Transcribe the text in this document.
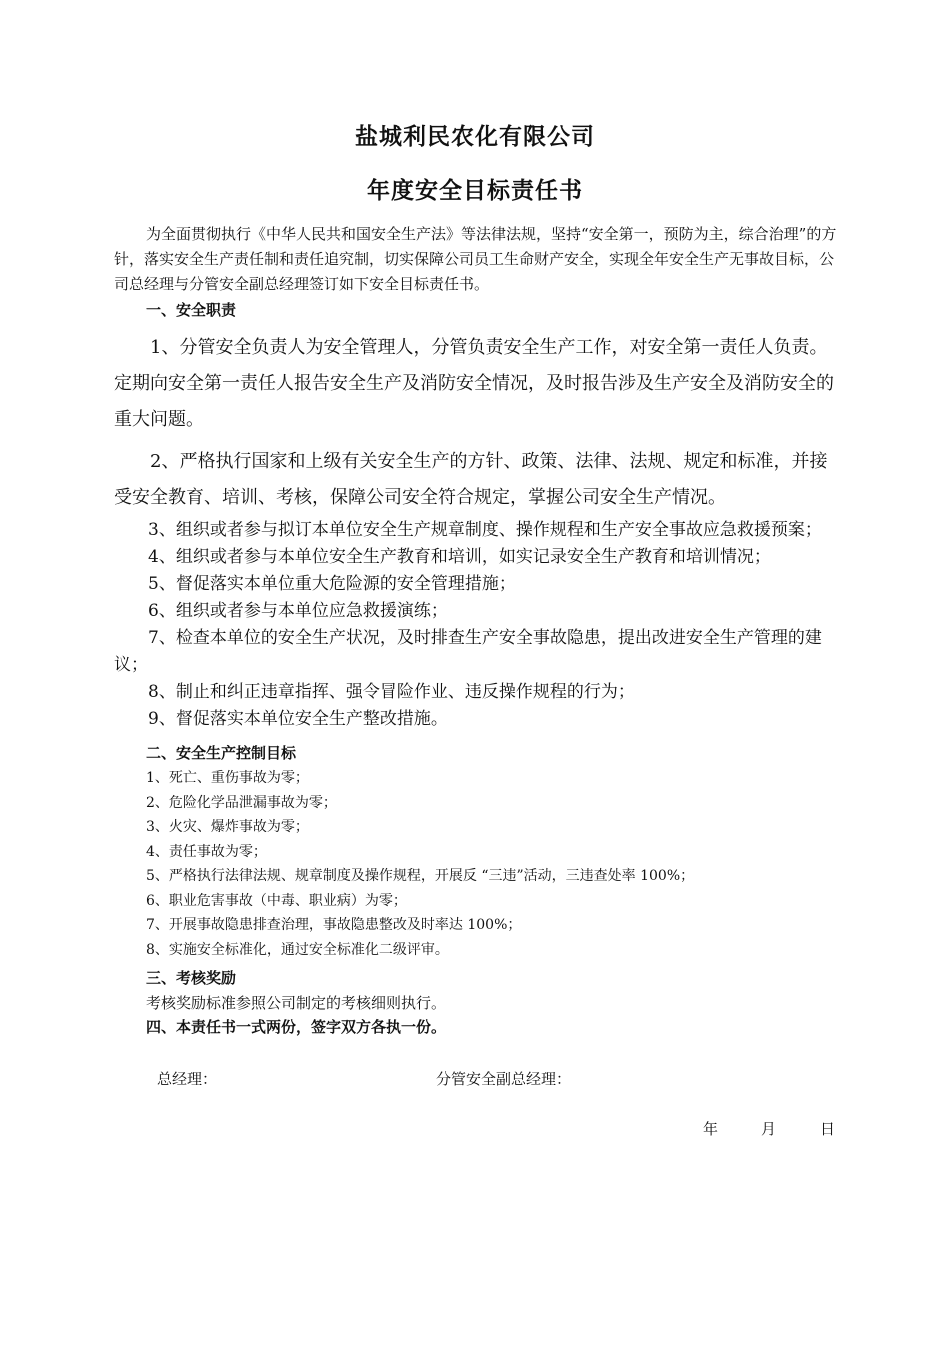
盐城利民农化有限公司
年度安全目标责任书
为全面贯彻执行《中华人民共和国安全生产法》等法律法规，坚持“安全第一，预防为主，综合治理”的方针，落实安全生产责任制和责任追究制，切实保障公司员工生命财产安全，实现全年安全生产无事故目标，公司总经理与分管安全副总经理签订如下安全目标责任书。
一、安全职责
1、分管安全负责人为安全管理人，分管负责安全生产工作，对安全第一责任人负责。定期向安全第一责任人报告安全生产及消防安全情况，及时报告涉及生产安全及消防安全的重大问题。
2、严格执行国家和上级有关安全生产的方针、政策、法律、法规、规定和标准，并接受安全教育、培训、考核，保障公司安全符合规定，掌握公司安全生产情况。
3、组织或者参与拟订本单位安全生产规章制度、操作规程和生产安全事故应急救援预案；
4、组织或者参与本单位安全生产教育和培训，如实记录安全生产教育和培训情况；
5、督促落实本单位重大危险源的安全管理措施；
6、组织或者参与本单位应急救援演练；
7、检查本单位的安全生产状况，及时排查生产安全事故隐患，提出改进安全生产管理的建议；
8、制止和纠正违章指挥、强令冒险作业、违反操作规程的行为；
9、督促落实本单位安全生产整改措施。
二、安全生产控制目标
1、死亡、重伤事故为零；
2、危险化学品泄漏事故为零；
3、火灾、爆炸事故为零；
4、责任事故为零；
5、严格执行法律法规、规章制度及操作规程，开展反 “三违”活动，三违查处率 100%；
6、职业危害事故（中毒、职业病）为零；
7、开展事故隐患排查治理，事故隐患整改及时率达 100%；
8、实施安全标准化，通过安全标准化二级评审。
三、考核奖励
考核奖励标准参照公司制定的考核细则执行。
四、本责任书一式两份，签字双方各执一份。
总经理：	分管安全副总经理：
年	月	日
